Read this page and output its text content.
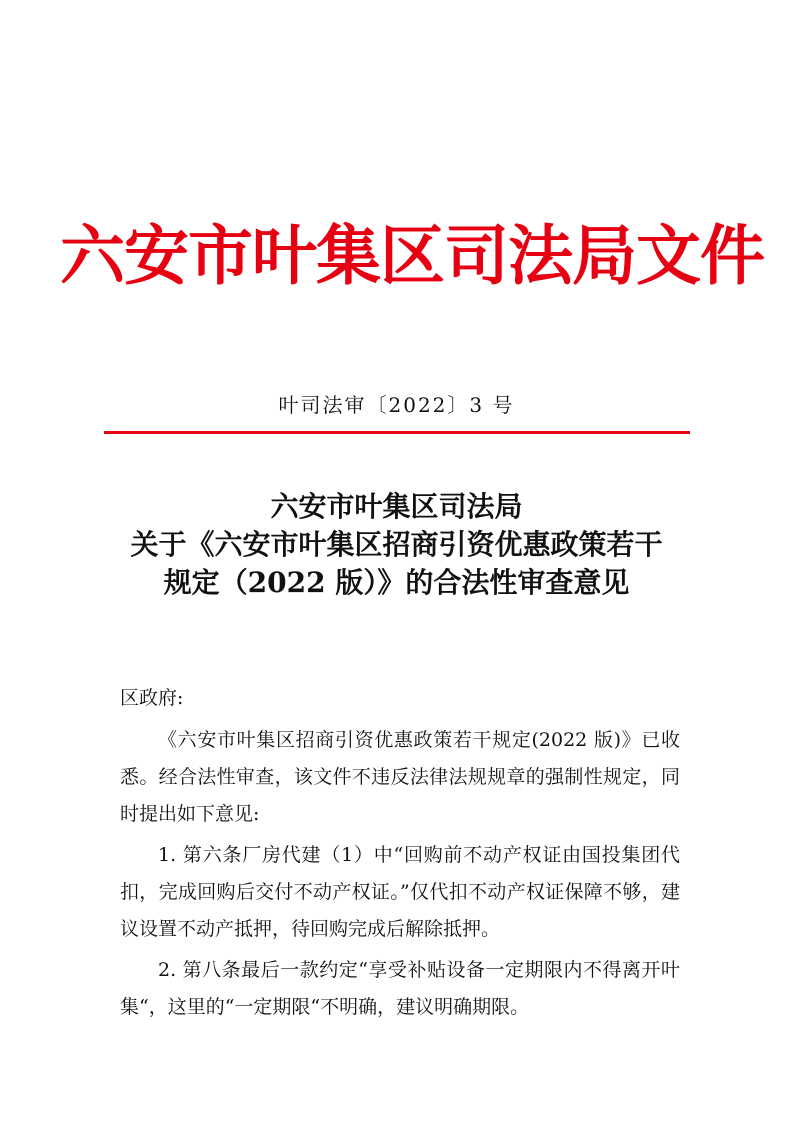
六安市叶集区司法局文件
叶司法审〔2022〕3 号
六安市叶集区司法局
关于《六安市叶集区招商引资优惠政策若干
规定（2022 版）》的合法性审查意见

区政府:

《六安市叶集区招商引资优惠政策若干规定(2022 版)》已收悉。经合法性审查，该文件不违反法律法规规章的强制性规定，同时提出如下意见:

1. 第六条厂房代建（1）中“回购前不动产权证由国投集团代扣，完成回购后交付不动产权证。”仅代扣不动产权证保障不够，建议设置不动产抵押，待回购完成后解除抵押。

2. 第八条最后一款约定“享受补贴设备一定期限内不得离开叶集“，这里的“一定期限“不明确，建议明确期限。
